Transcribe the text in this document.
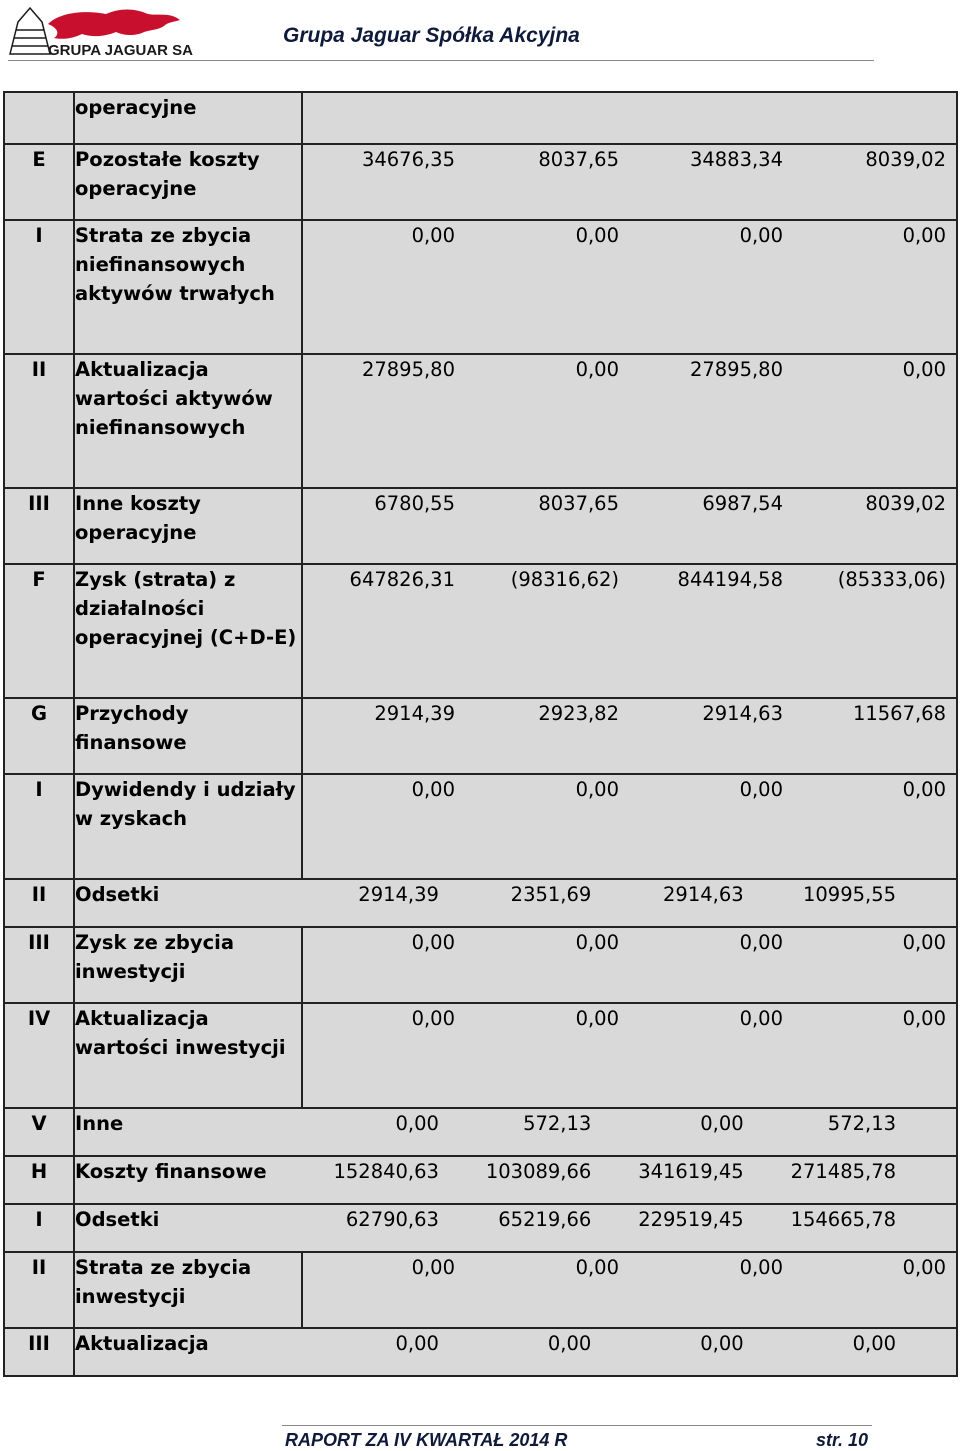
GRUPA JAGUAR SA
Grupa Jaguar Spółka Akcyjna
	operacyjne	

E	Pozostałe koszty operacyjne	34676,35 8037,65 34883,34 8039,02

I	Strata ze zbycia niefinansowych aktywów trwałych	0,00 0,00 0,00 0,00

II	Aktualizacja wartości aktywów niefinansowych	27895,80 0,00 27895,80 0,00

III	Inne koszty operacyjne	6780,55 8037,65 6987,54 8039,02

F	Zysk (strata) z działalności operacyjnej (C+D-E)	647826,31 (98316,62) 844194,58 (85333,06)

G	Przychody finansowe	2914,39 2923,82 2914,63 11567,68

I	Dywidendy i udziały w zyskach	0,00 0,00 0,00 0,00

II	Odsetki	2914,39 2351,69 2914,63 10995,55

III	Zysk ze zbycia inwestycji	0,00 0,00 0,00 0,00

IV	Aktualizacja wartości inwestycji	0,00 0,00 0,00 0,00

V	Inne	0,00 572,13 0,00 572,13

H	Koszty finansowe	152840,63 103089,66 341619,45 271485,78

I	Odsetki	62790,63 65219,66 229519,45 154665,78

II	Strata ze zbycia inwestycji	0,00 0,00 0,00 0,00

III	Aktualizacja	0,00 0,00 0,00 0,00
RAPORT ZA IV KWARTAŁ 2014 R	str. 10
